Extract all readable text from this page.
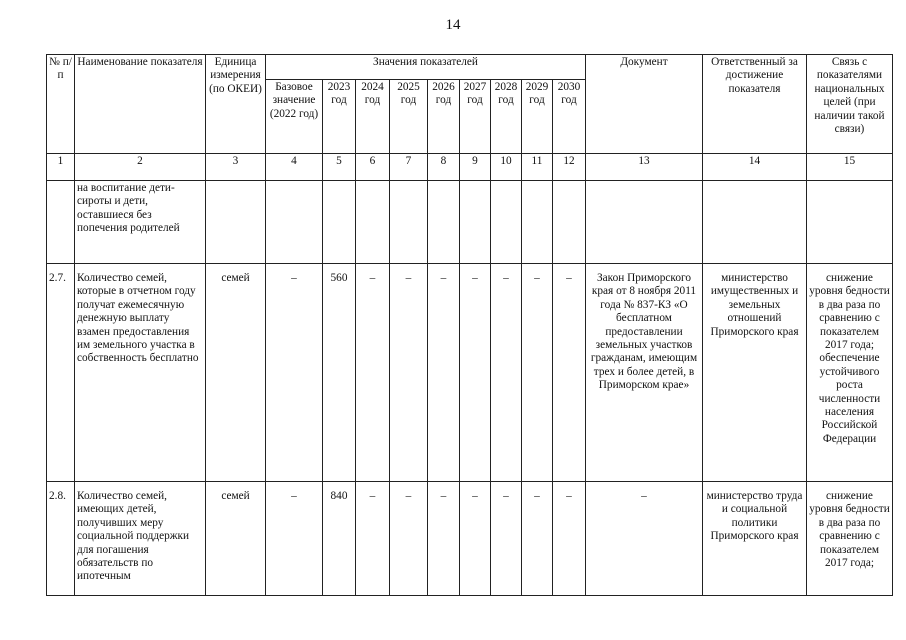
14
№ п/п	Наименование показателя	Единица измерения (по ОКЕИ)	Значения показателей									Документ	Ответственный за достижение показателя	Связь с показателями национальных целей (при наличии такой связи)
			Базовое значение (2022 год)	2023 год	2024 год	2025 год	2026 год	2027 год	2028 год	2029 год	2030 год			
1	2	3	4	5	6	7	8	9	10	11	12	13	14	15
	на воспитание дети-сироты и дети, оставшиеся без попечения родителей													
2.7.	Количество семей, которые в отчетном году получат ежемесячную денежную выплату взамен предоставления им земельного участка в собственность бесплатно	семей	–	560	–	–	–	–	–	–	–	Закон Приморского края от 8 ноября 2011 года № 837-КЗ «О бесплатном предоставлении земельных участков гражданам, имеющим трех и более детей, в Приморском крае»	министерство имущественных и земельных отношений Приморского края	снижение уровня бедности в два раза по сравнению с показателем 2017 года; обеспечение устойчивого роста численности населения Российской Федерации
2.8.	Количество семей, имеющих детей, получивших меру социальной поддержки для погашения обязательств по ипотечным	семей	–	840	–	–	–	–	–	–	–	–	министерство труда и социальной политики Приморского края	снижение уровня бедности в два раза по сравнению с показателем 2017 года;
